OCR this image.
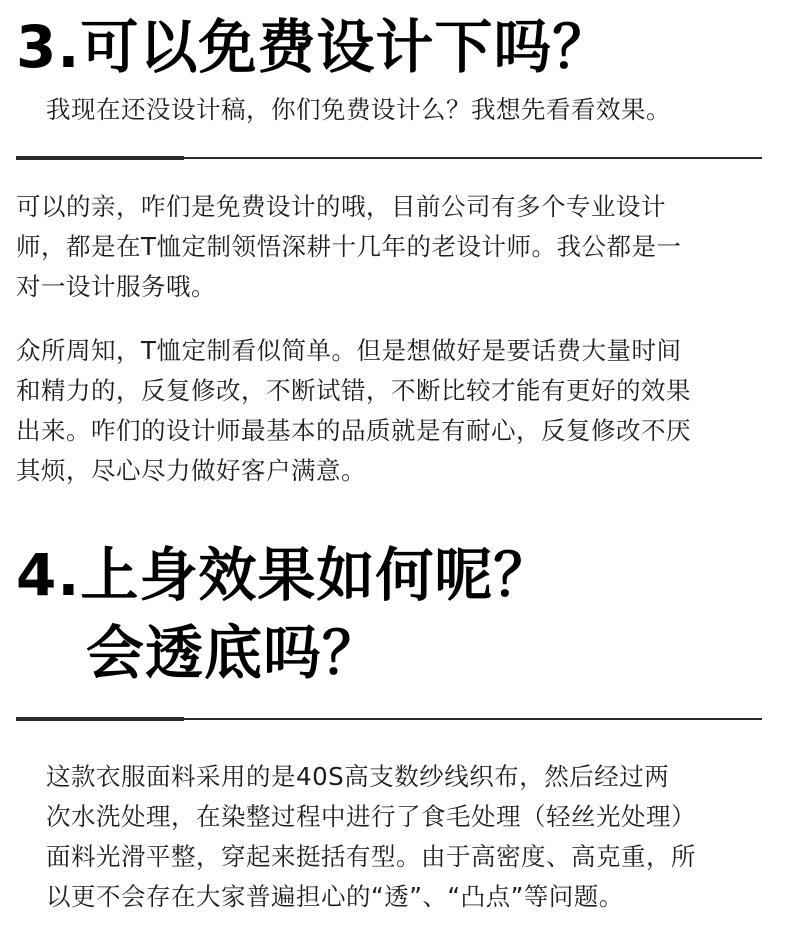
3.可以免费设计下吗？

我现在还没设计稿，你们免费设计么？我想先看看效果。

可以的亲，咋们是免费设计的哦，目前公司有多个专业设计
师，都是在T恤定制领悟深耕十几年的老设计师。我公都是一
对一设计服务哦。
众所周知，T恤定制看似简单。但是想做好是要话费大量时间
和精力的，反复修改，不断试错，不断比较才能有更好的效果
出来。咋们的设计师最基本的品质就是有耐心，反复修改不厌
其烦，尽心尽力做好客户满意。
4.上身效果如何呢？
会透底吗？
这款衣服面料采用的是40S高支数纱线织布，然后经过两
次水洗处理，在染整过程中进行了食毛处理（轻丝光处理）
面料光滑平整，穿起来挺括有型。由于高密度、高克重，所
以更不会存在大家普遍担心的“透”、“凸点”等问题。
